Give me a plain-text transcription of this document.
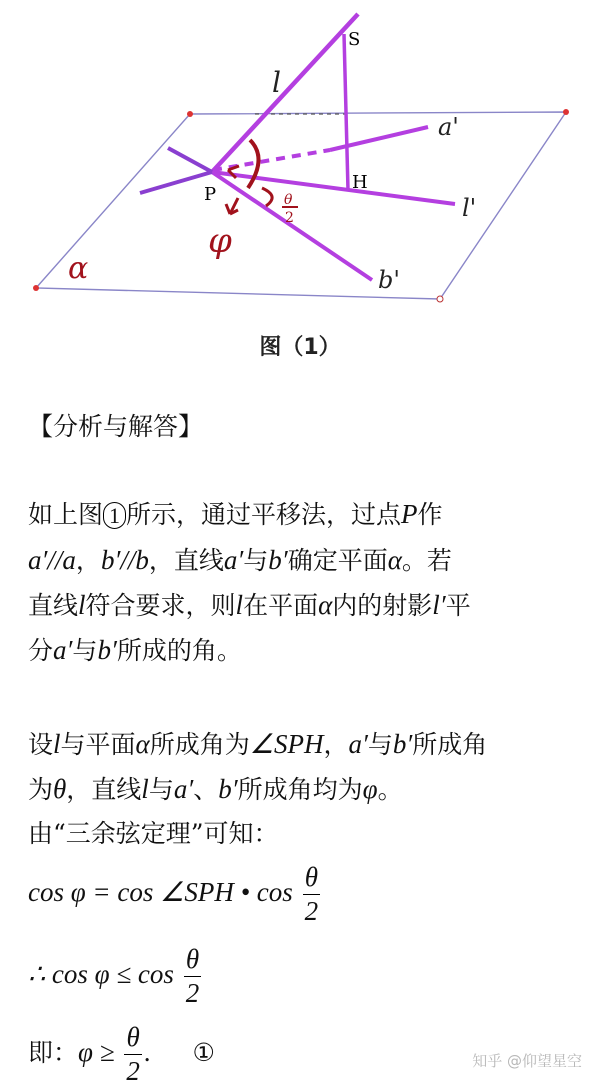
S
H
P
l
a'
l'
b'
α
φ
θ
2
图（1）
【分析与解答】
如上图 1 所示，通过平移法，过点P作
a′//a，b′//b，直线a′与b′确定平面α。若
直线l符合要求，则l在平面α内的射影l′平
分a′与b′所成的角。
设l与平面α所成角为∠SPH，a′与b′所成角
为θ，直线l与a′、b′所成角均为φ。
由“三余弦定理”可知：
cos φ = cos ∠SPH • $\cos \frac{\theta}{2}$
∴ $\cos \varphi \le \cos \frac{\theta}{2}$
即：$\varphi \ge \frac{\theta}{2}$ . ①	知乎 @仰望星空
